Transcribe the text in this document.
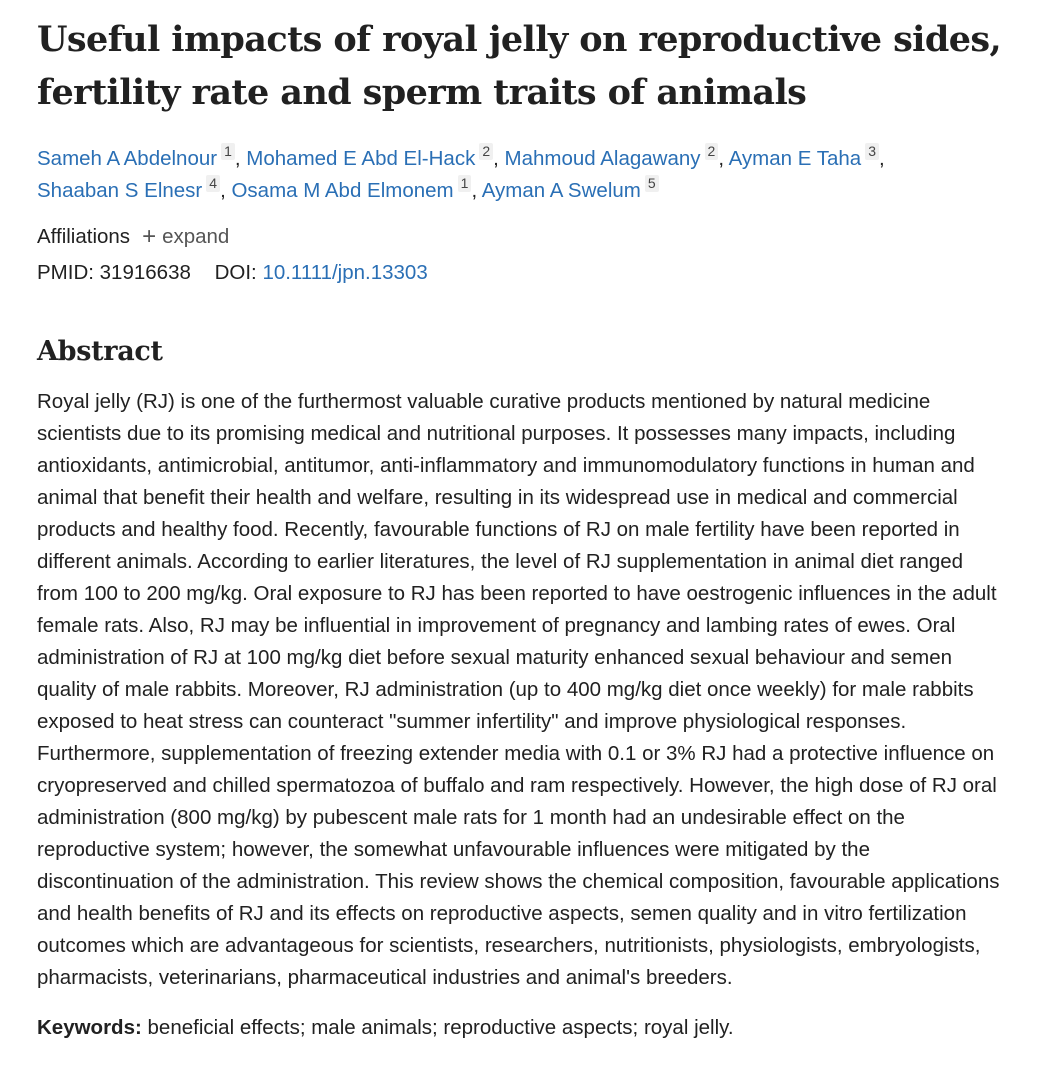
Useful impacts of royal jelly on reproductive sides, fertility rate and sperm traits of animals
Sameh A Abdelnour 1 , Mohamed E Abd El-Hack 2 , Mahmoud Alagawany 2 , Ayman E Taha 3 ,
Shaaban S Elnesr 4 , Osama M Abd Elmonem 1 , Ayman A Swelum 5
Affiliations + expand
PMID: 31916638 DOI: 10.1111/jpn.13303
Abstract
Royal jelly (RJ) is one of the furthermost valuable curative products mentioned by natural medicine scientists due to its promising medical and nutritional purposes. It possesses many impacts, including antioxidants, antimicrobial, antitumor, anti-inflammatory and immunomodulatory functions in human and animal that benefit their health and welfare, resulting in its widespread use in medical and commercial products and healthy food. Recently, favourable functions of RJ on male fertility have been reported in different animals. According to earlier literatures, the level of RJ supplementation in animal diet ranged from 100 to 200 mg/kg. Oral exposure to RJ has been reported to have oestrogenic influences in the adult female rats. Also, RJ may be influential in improvement of pregnancy and lambing rates of ewes. Oral administration of RJ at 100 mg/kg diet before sexual maturity enhanced sexual behaviour and semen quality of male rabbits. Moreover, RJ administration (up to 400 mg/kg diet once weekly) for male rabbits exposed to heat stress can counteract "summer infertility" and improve physiological responses. Furthermore, supplementation of freezing extender media with 0.1 or 3% RJ had a protective influence on cryopreserved and chilled spermatozoa of buffalo and ram respectively. However, the high dose of RJ oral administration (800 mg/kg) by pubescent male rats for 1 month had an undesirable effect on the reproductive system; however, the somewhat unfavourable influences were mitigated by the discontinuation of the administration. This review shows the chemical composition, favourable applications and health benefits of RJ and its effects on reproductive aspects, semen quality and in vitro fertilization outcomes which are advantageous for scientists, researchers, nutritionists, physiologists, embryologists, pharmacists, veterinarians, pharmaceutical industries and animal's breeders.
Keywords: beneficial effects; male animals; reproductive aspects; royal jelly.
